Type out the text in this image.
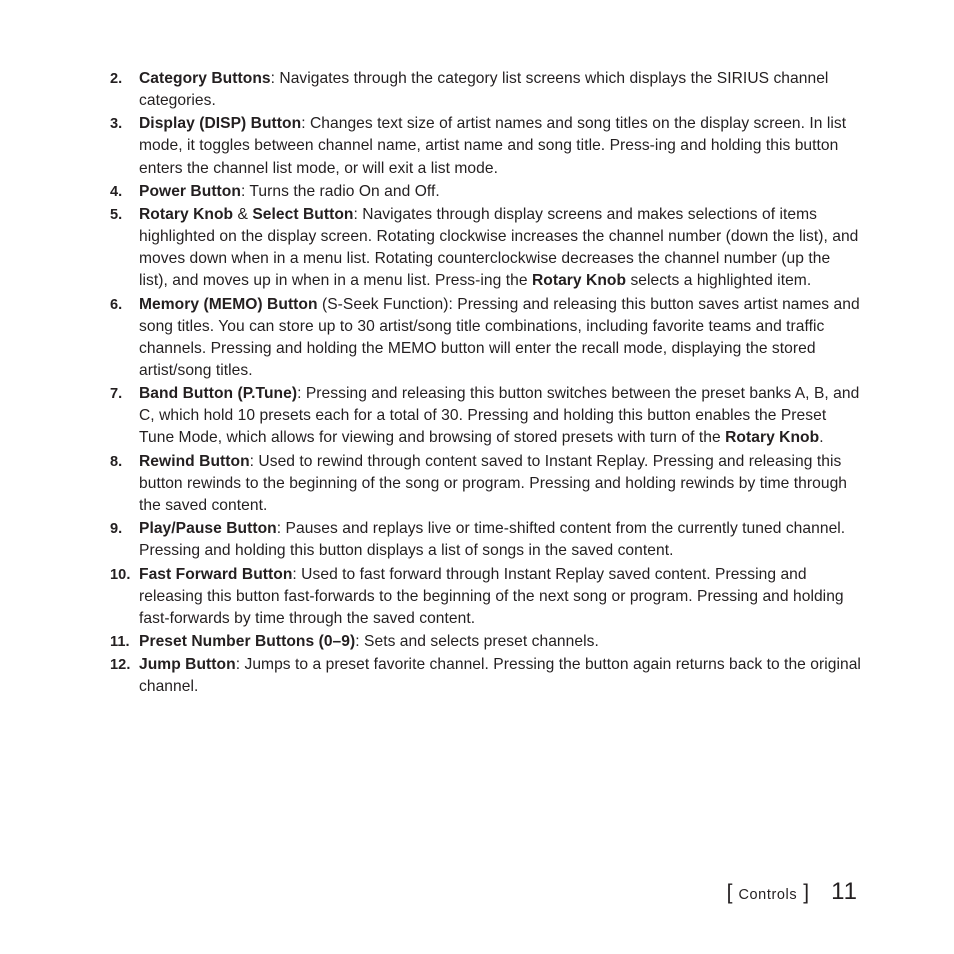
2. Category Buttons: Navigates through the category list screens which displays the SIRIUS channel categories.
3. Display (DISP) Button: Changes text size of artist names and song titles on the display screen. In list mode, it toggles between channel name, artist name and song title. Press-ing and holding this button enters the channel list mode, or will exit a list mode.
4. Power Button: Turns the radio On and Off.
5. Rotary Knob & Select Button: Navigates through display screens and makes selections of items highlighted on the display screen. Rotating clockwise increases the channel number (down the list), and moves down when in a menu list. Rotating counterclockwise decreases the channel number (up the list), and moves up in when in a menu list. Press-ing the Rotary Knob selects a highlighted item.
6. Memory (MEMO) Button (S-Seek Function): Pressing and releasing this button saves artist names and song titles. You can store up to 30 artist/song title combinations, including favorite teams and traffic channels. Pressing and holding the MEMO button will enter the recall mode, displaying the stored artist/song titles.
7. Band Button (P.Tune): Pressing and releasing this button switches between the preset banks A, B, and C, which hold 10 presets each for a total of 30. Pressing and holding this button enables the Preset Tune Mode, which allows for viewing and browsing of stored presets with turn of the Rotary Knob.
8. Rewind Button: Used to rewind through content saved to Instant Replay. Pressing and releasing this button rewinds to the beginning of the song or program. Pressing and holding rewinds by time through the saved content.
9. Play/Pause Button: Pauses and replays live or time-shifted content from the currently tuned channel. Pressing and holding this button displays a list of songs in the saved content.
10. Fast Forward Button: Used to fast forward through Instant Replay saved content. Pressing and releasing this button fast-forwards to the beginning of the next song or program. Pressing and holding fast-forwards by time through the saved content.
11. Preset Number Buttons (0–9): Sets and selects preset channels.
12. Jump Button: Jumps to a preset favorite channel. Pressing the button again returns back to the original channel.
[ Controls ] 11
